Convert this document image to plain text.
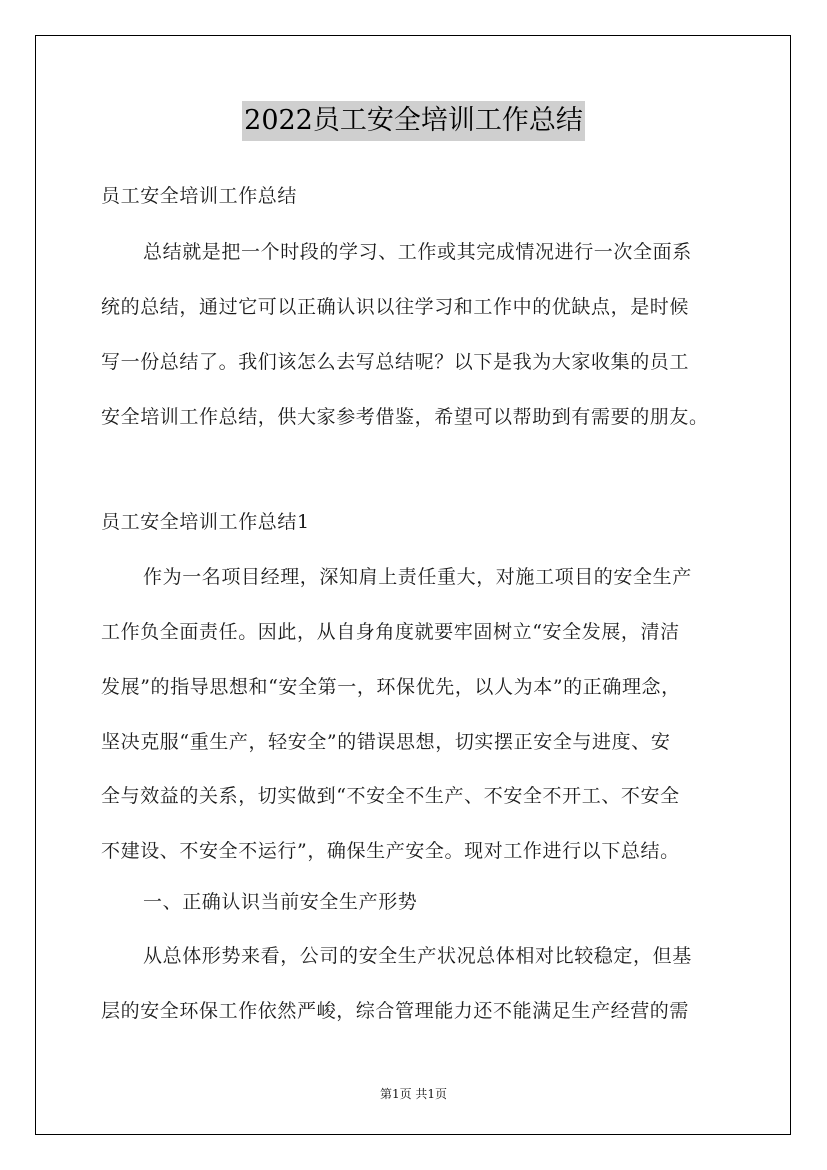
2022员工安全培训工作总结
员工安全培训工作总结
总结就是把一个时段的学习、工作或其完成情况进行一次全面系
统的总结，通过它可以正确认识以往学习和工作中的优缺点，是时候
写一份总结了。我们该怎么去写总结呢？以下是我为大家收集的员工
安全培训工作总结，供大家参考借鉴，希望可以帮助到有需要的朋友。
员工安全培训工作总结1
作为一名项目经理，深知肩上责任重大，对施工项目的安全生产
工作负全面责任。因此，从自身角度就要牢固树立“安全发展，清洁
发展”的指导思想和“安全第一，环保优先，以人为本”的正确理念，
坚决克服“重生产，轻安全”的错误思想，切实摆正安全与进度、安
全与效益的关系，切实做到“不安全不生产、不安全不开工、不安全
不建设、不安全不运行”，确保生产安全。现对工作进行以下总结。
一、正确认识当前安全生产形势
从总体形势来看，公司的安全生产状况总体相对比较稳定，但基
层的安全环保工作依然严峻，综合管理能力还不能满足生产经营的需
第1页 共1页
